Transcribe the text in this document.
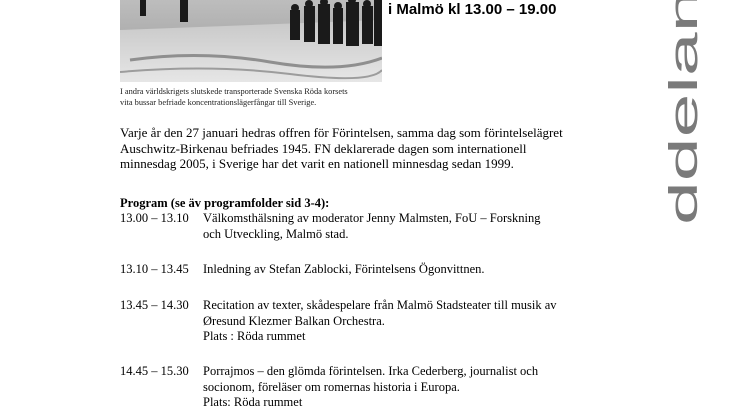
I andra världskrigets slutskede transporterade Svenska Röda korsets
vita bussar befriade koncentrationslägerfångar till Sverige.
i Malmö kl 13.00 – 19.00
ddelande
Varje år den 27 januari hedras offren för Förintelsen, samma dag som förintelselägret
Auschwitz-Birkenau befriades 1945. FN deklarerade dagen som internationell
minnesdag 2005, i Sverige har det varit en nationell minnesdag sedan 1999.
Program (se äv programfolder sid 3-4):
13.00 – 13.10	Välkomsthälsning av moderator Jenny Malmsten, FoU – Forskning
och Utveckling, Malmö stad.
13.10 – 13.45	Inledning av Stefan Zablocki, Förintelsens Ögonvittnen.
13.45 – 14.30	Recitation av texter, skådespelare från Malmö Stadsteater till musik av
Øresund Klezmer Balkan Orchestra.
Plats : Röda rummet
14.45 – 15.30	Porrajmos – den glömda förintelsen. Irka Cederberg, journalist och
socionom, föreläser om romernas historia i Europa.
Plats: Röda rummet
